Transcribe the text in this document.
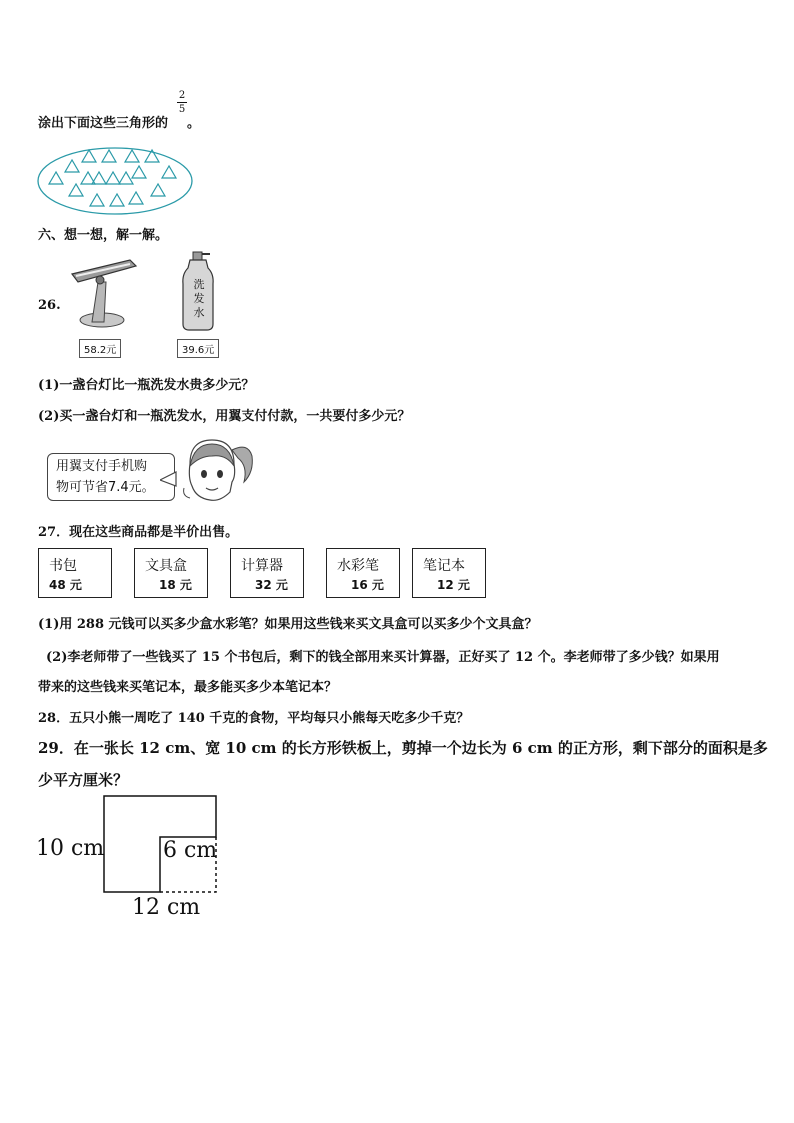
涂出下面这些三角形的
2
5
。
六、想一想，解一解。
26.
58.2元
洗
发
水
39.6元
(1)一盏台灯比一瓶洗发水贵多少元？
(2)买一盏台灯和一瓶洗发水，用翼支付付款，一共要付多少元？
用翼支付手机购
物可节省7.4元。
27．现在这些商品都是半价出售。
书包
48 元
文具盒
18 元
计算器
32 元
水彩笔
16 元
笔记本
12 元
(1)用 288 元钱可以买多少盒水彩笔？如果用这些钱来买文具盒可以买多少个文具盒？
(2)李老师带了一些钱买了 15 个书包后，剩下的钱全部用来买计算器，正好买了 12 个。李老师带了多少钱？如果用
带来的这些钱来买笔记本，最多能买多少本笔记本？
28．五只小熊一周吃了 140 千克的食物，平均每只小熊每天吃多少千克？
29．在一张长 12 cm、宽 10 cm 的长方形铁板上，剪掉一个边长为 6 cm 的正方形，剩下部分的面积是多
少平方厘米？
10 cm	6 cm
12 cm
